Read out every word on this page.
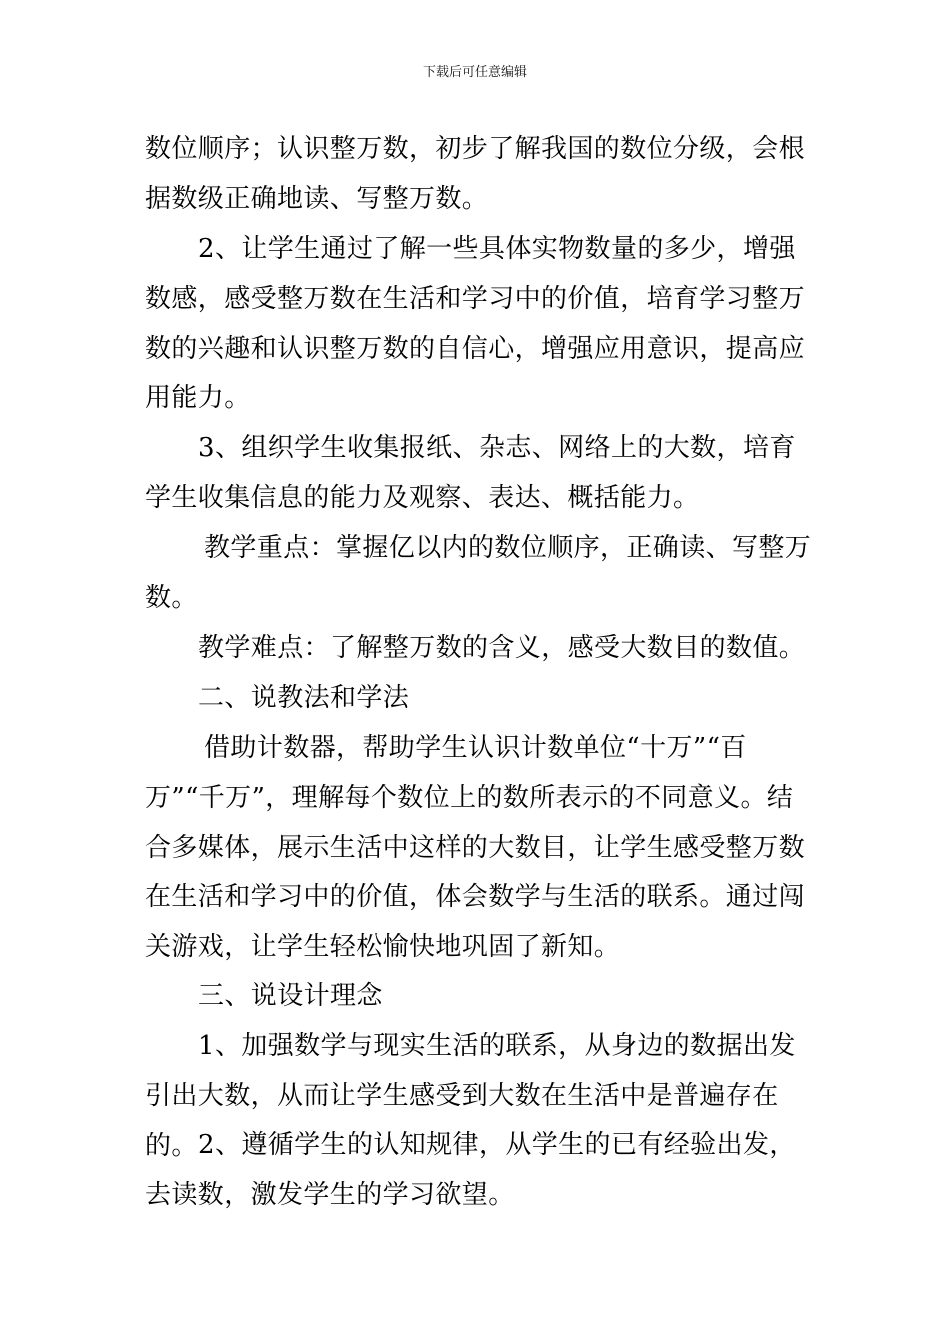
下载后可任意编辑

数位顺序；认识整万数，初步了解我国的数位分级，会根据数级正确地读、写整万数。

2、让学生通过了解一些具体实物数量的多少，增强数感，感受整万数在生活和学习中的价值，培育学习整万数的兴趣和认识整万数的自信心，增强应用意识，提高应用能力。

3、组织学生收集报纸、杂志、网络上的大数，培育学生收集信息的能力及观察、表达、概括能力。

教学重点：掌握亿以内的数位顺序，正确读、写整万数。

教学难点：了解整万数的含义，感受大数目的数值。

二、说教法和学法

借助计数器，帮助学生认识计数单位“十万”“百万”“千万”，理解每个数位上的数所表示的不同意义。结合多媒体，展示生活中这样的大数目，让学生感受整万数在生活和学习中的价值，体会数学与生活的联系。通过闯关游戏，让学生轻松愉快地巩固了新知。

三、说设计理念

1、加强数学与现实生活的联系，从身边的数据出发引出大数，从而让学生感受到大数在生活中是普遍存在的。 2、遵循学生的认知规律，从学生的已有经验出发，去读数，激发学生的学习欲望。
